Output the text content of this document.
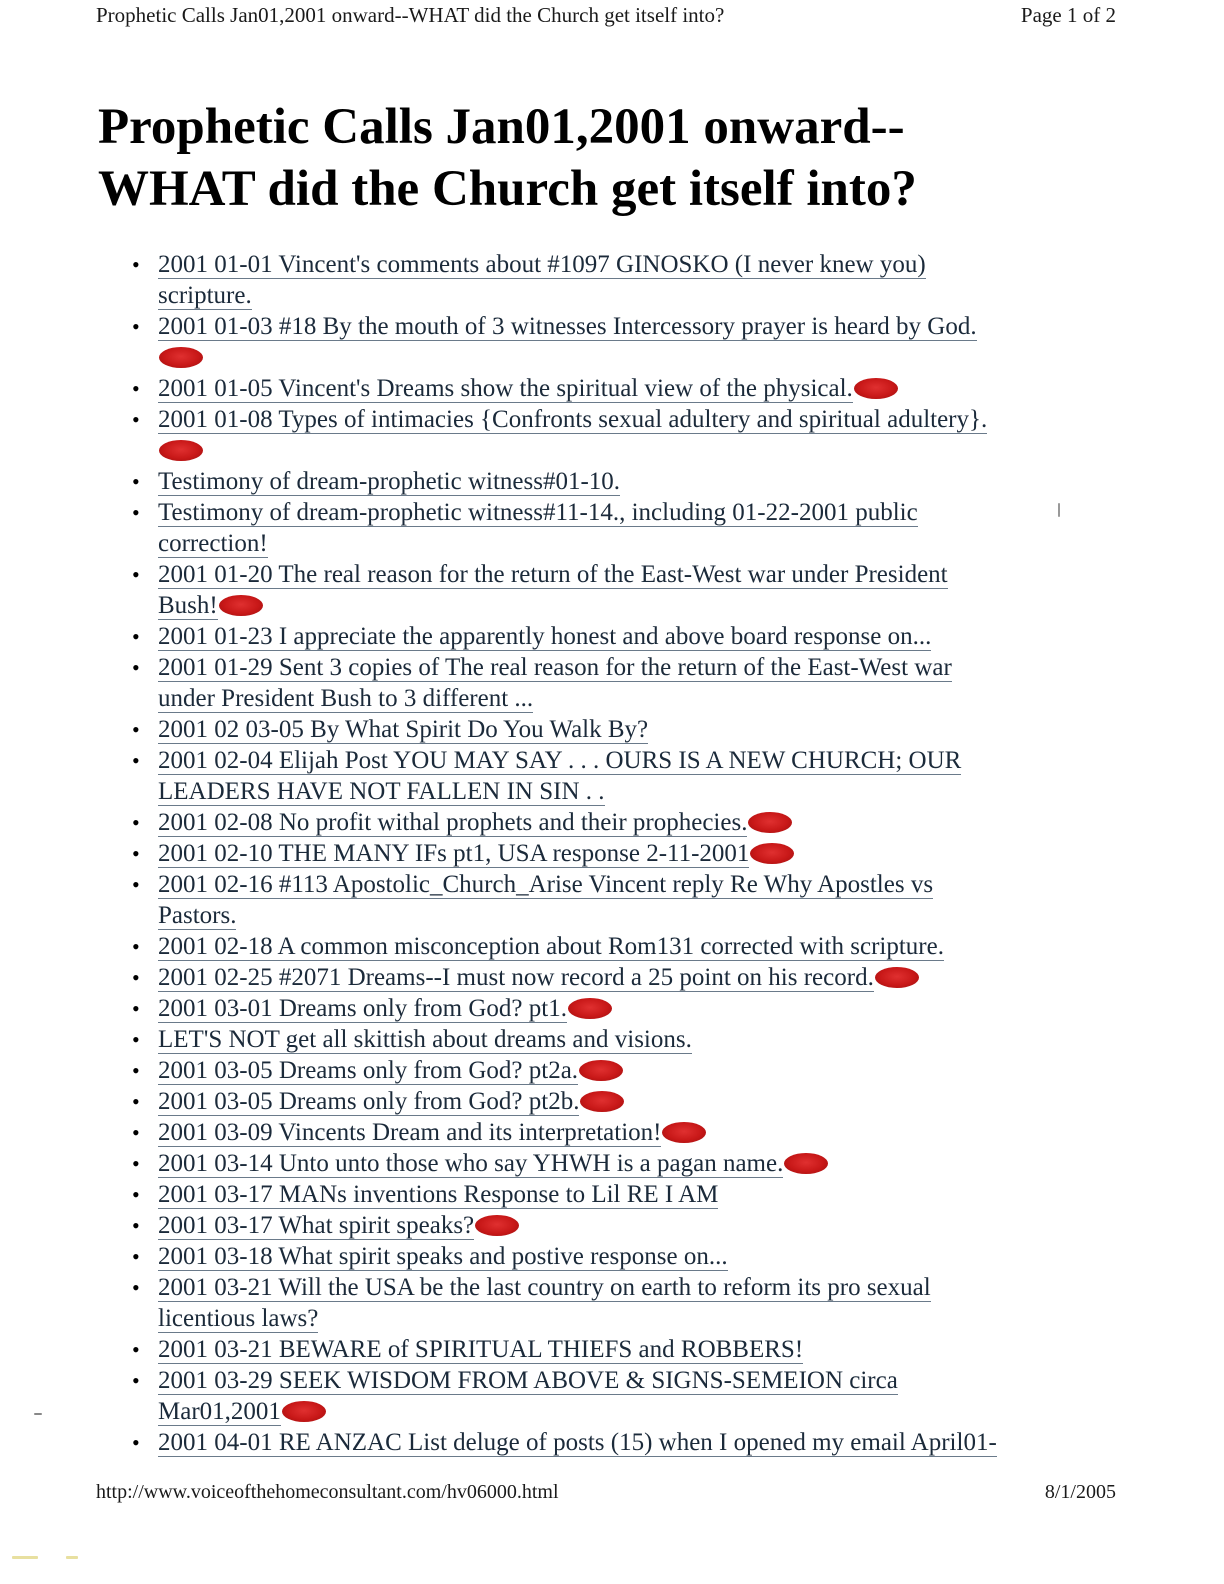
Prophetic Calls Jan01,2001 onward--WHAT did the Church get itself into?	Page 1 of 2
Prophetic Calls Jan01,2001 onward--
WHAT did the Church get itself into?
• 2001 01-01 Vincent's comments about #1097 GINOSKO (I never knew you)
scripture.
• 2001 01-03 #18 By the mouth of 3 witnesses Intercessory prayer is heard by God.
• 2001 01-05 Vincent's Dreams show the spiritual view of the physical.
• 2001 01-08 Types of intimacies {Confronts sexual adultery and spiritual adultery}.
• Testimony of dream-prophetic witness#01-10.
• Testimony of dream-prophetic witness#11-14., including 01-22-2001 public
correction!
• 2001 01-20 The real reason for the return of the East-West war under President
Bush!
• 2001 01-23 I appreciate the apparently honest and above board response on...
• 2001 01-29 Sent 3 copies of The real reason for the return of the East-West war
under President Bush to 3 different ...
• 2001 02 03-05 By What Spirit Do You Walk By?
• 2001 02-04 Elijah Post YOU MAY SAY . . . OURS IS A NEW CHURCH; OUR
LEADERS HAVE NOT FALLEN IN SIN . .
• 2001 02-08 No profit withal prophets and their prophecies.
• 2001 02-10 THE MANY IFs pt1, USA response 2-11-2001
• 2001 02-16 #113 Apostolic_Church_Arise Vincent reply Re Why Apostles vs
Pastors.
• 2001 02-18 A common misconception about Rom131 corrected with scripture.
• 2001 02-25 #2071 Dreams--I must now record a 25 point on his record.
• 2001 03-01 Dreams only from God? pt1.
• LET'S NOT get all skittish about dreams and visions.
• 2001 03-05 Dreams only from God? pt2a.
• 2001 03-05 Dreams only from God? pt2b.
• 2001 03-09 Vincents Dream and its interpretation!
• 2001 03-14 Unto unto those who say YHWH is a pagan name.
• 2001 03-17 MANs inventions Response to Lil RE I AM
• 2001 03-17 What spirit speaks?
• 2001 03-18 What spirit speaks and postive response on...
• 2001 03-21 Will the USA be the last country on earth to reform its pro sexual
licentious laws?
• 2001 03-21 BEWARE of SPIRITUAL THIEFS and ROBBERS!
• 2001 03-29 SEEK WISDOM FROM ABOVE & SIGNS-SEMEION circa
Mar01,2001
• 2001 04-01 RE ANZAC List deluge of posts (15) when I opened my email April01-
http://www.voiceofthehomeconsultant.com/hv06000.html	8/1/2005
